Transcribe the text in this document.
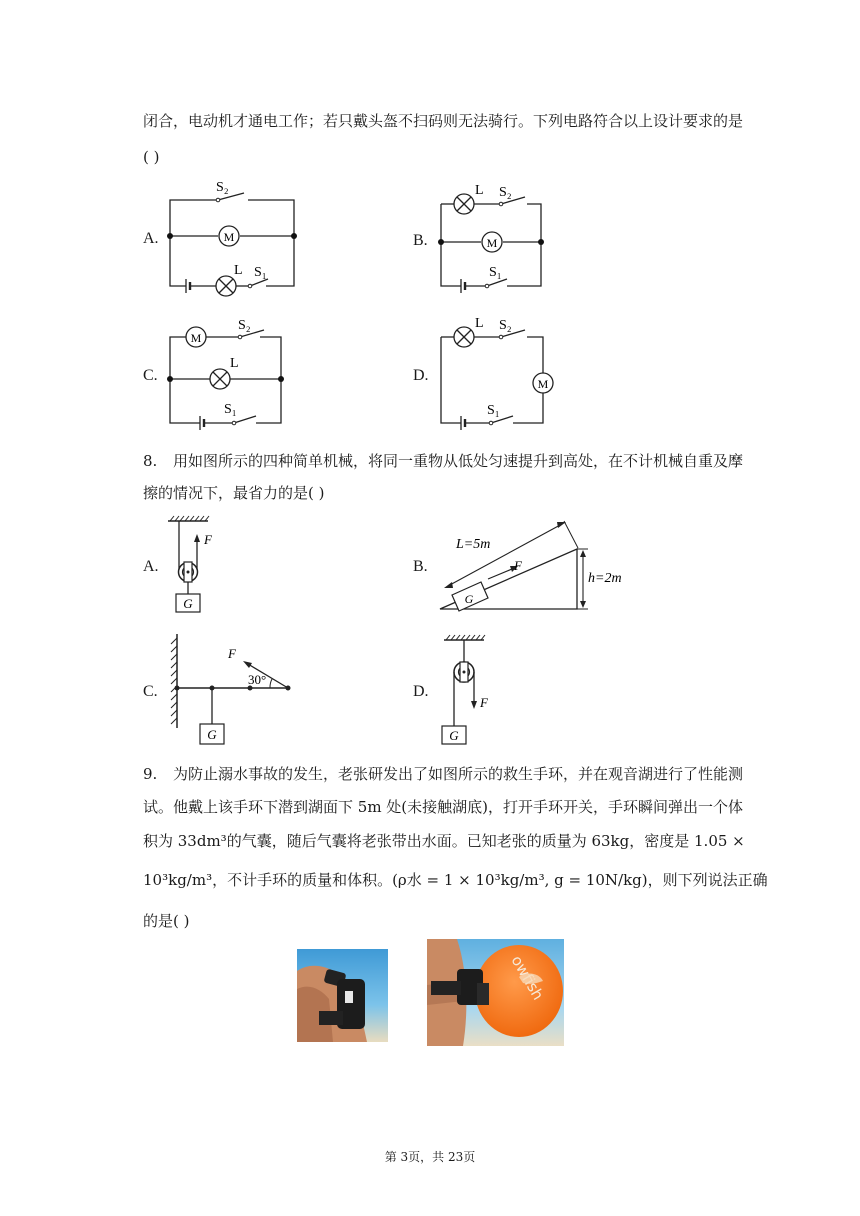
闭合，电动机才通电工作；若只戴头盔不扫码则无法骑行。下列电路符合以上设计要求的是
( )
A.	M
S₂
L S₁
B.	M
L S₂
S₁
C.
M
S₂
L
S₁
D.	M
L S₂
S₁
8. 用如图所示的四种简单机械，将同一重物从低处匀速提升到高处，在不计机械自重及摩
擦的情况下，最省力的是( )
A.
G
F
B.
G
F
L=5m
h=2m
C.
G
F
30°
D.
F
G
9. 为防止溺水事故的发生，老张研发出了如图所示的救生手环，并在观音湖进行了性能测
试。他戴上该手环下潜到湖面下 5m 处(未接触湖底)，打开手环开关，手环瞬间弹出一个体
积为 33dm³的气囊，随后气囊将老张带出水面。已知老张的质量为 63kg，密度是 1.05 ×
10³kg/m³，不计手环的质量和体积。(ρ水 = 1 × 10³kg/m³, g = 10N/kg)，则下列说法正确
的是( )
第 3页，共 23页
